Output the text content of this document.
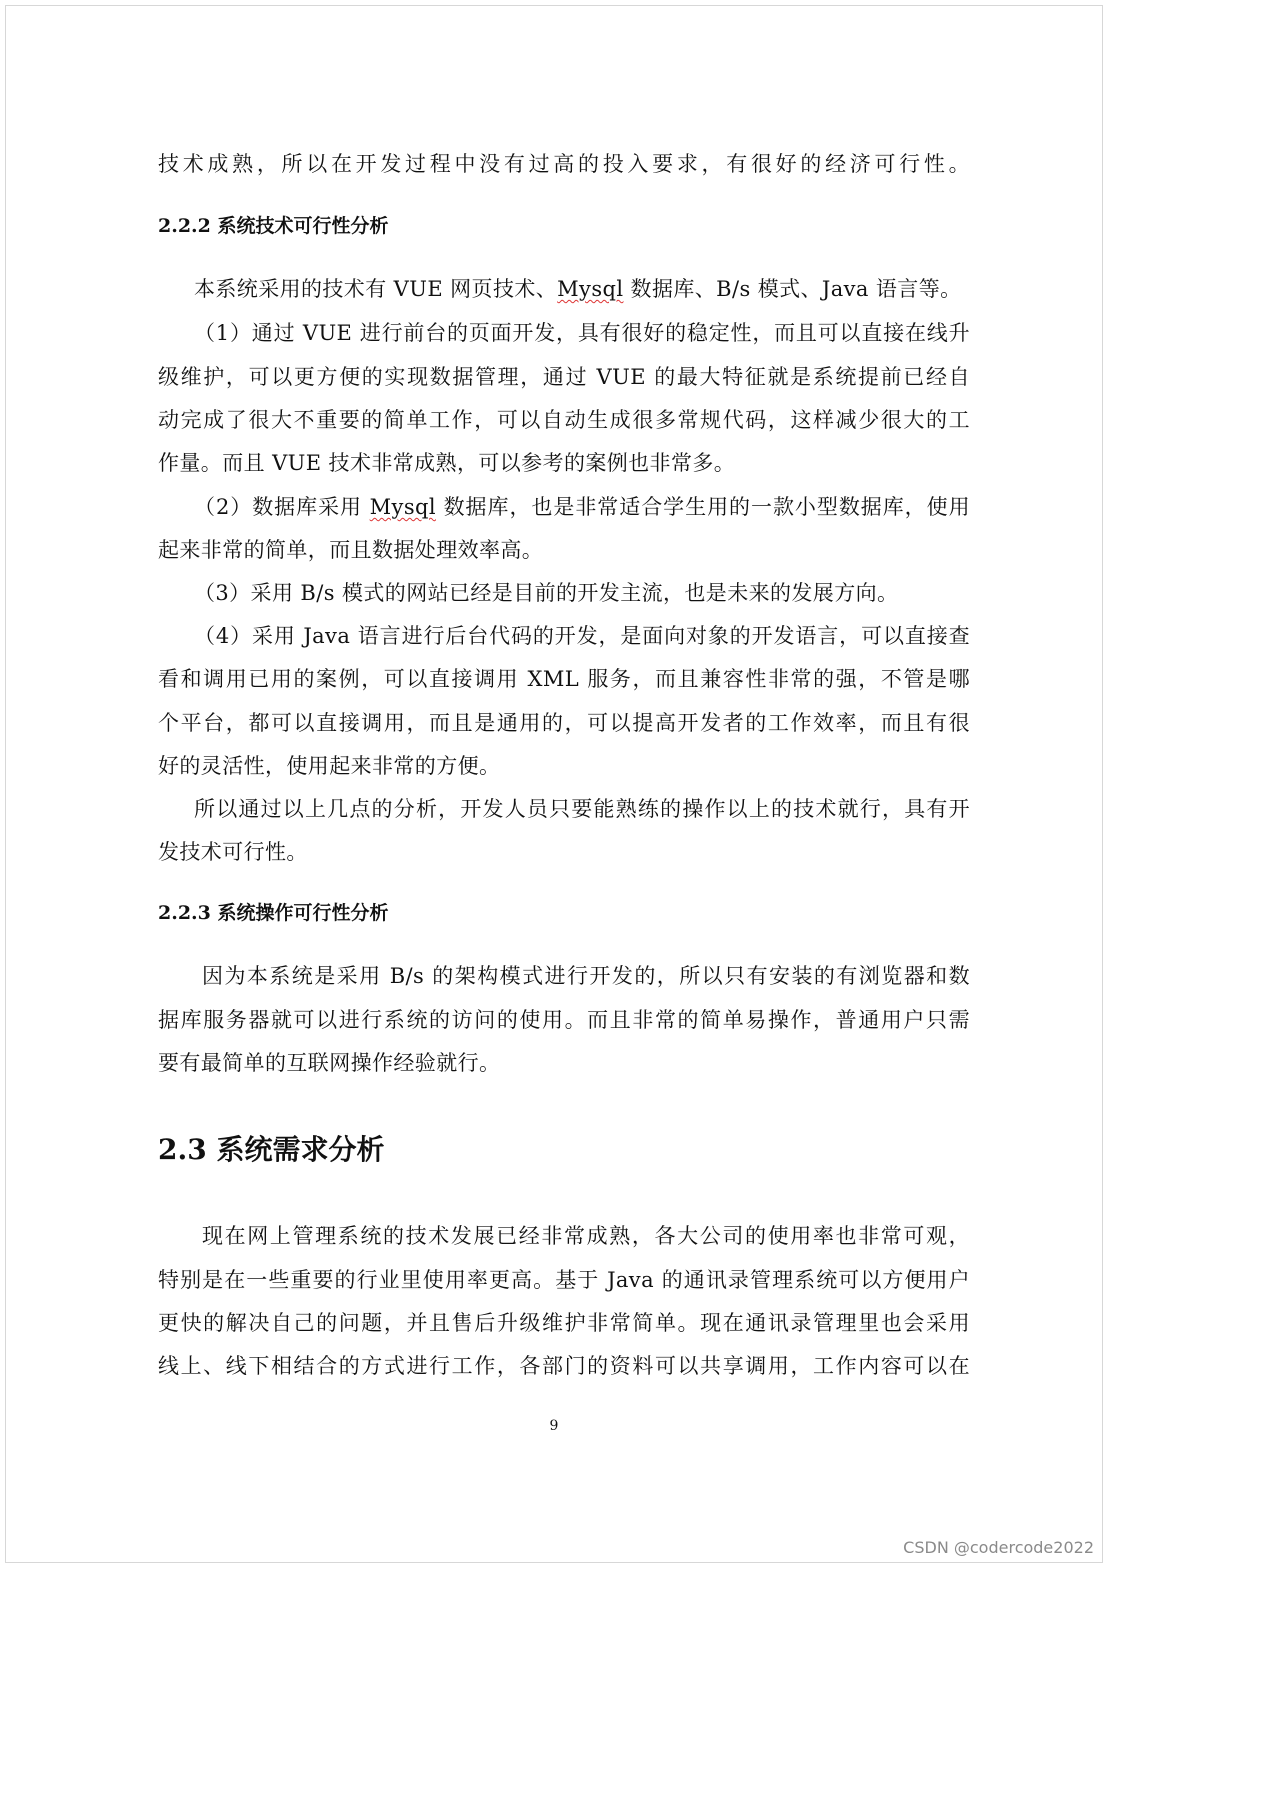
技术成熟，所以在开发过程中没有过高的投入要求，有很好的经济可行性。
2.2.2 系统技术可行性分析
本系统采用的技术有 VUE 网页技术、Mysql 数据库、B/s 模式、Java 语言等。
（1）通过 VUE 进行前台的页面开发，具有很好的稳定性，而且可以直接在线升
级维护，可以更方便的实现数据管理，通过 VUE 的最大特征就是系统提前已经自
动完成了很大不重要的简单工作，可以自动生成很多常规代码，这样减少很大的工
作量。而且 VUE 技术非常成熟，可以参考的案例也非常多。
（2）数据库采用 Mysql 数据库，也是非常适合学生用的一款小型数据库，使用
起来非常的简单，而且数据处理效率高。
（3）采用 B/s 模式的网站已经是目前的开发主流，也是未来的发展方向。
（4）采用 Java 语言进行后台代码的开发，是面向对象的开发语言，可以直接查
看和调用已用的案例，可以直接调用 XML 服务，而且兼容性非常的强，不管是哪
个平台，都可以直接调用，而且是通用的，可以提高开发者的工作效率，而且有很
好的灵活性，使用起来非常的方便。
所以通过以上几点的分析，开发人员只要能熟练的操作以上的技术就行，具有开
发技术可行性。
2.2.3 系统操作可行性分析
因为本系统是采用 B/s 的架构模式进行开发的，所以只有安装的有浏览器和数
据库服务器就可以进行系统的访问的使用。而且非常的简单易操作，普通用户只需
要有最简单的互联网操作经验就行。
2.3 系统需求分析
现在网上管理系统的技术发展已经非常成熟，各大公司的使用率也非常可观，
特别是在一些重要的行业里使用率更高。基于 Java 的通讯录管理系统可以方便用户
更快的解决自己的问题，并且售后升级维护非常简单。现在通讯录管理里也会采用
线上、线下相结合的方式进行工作，各部门的资料可以共享调用，工作内容可以在
9
CSDN @codercode2022
